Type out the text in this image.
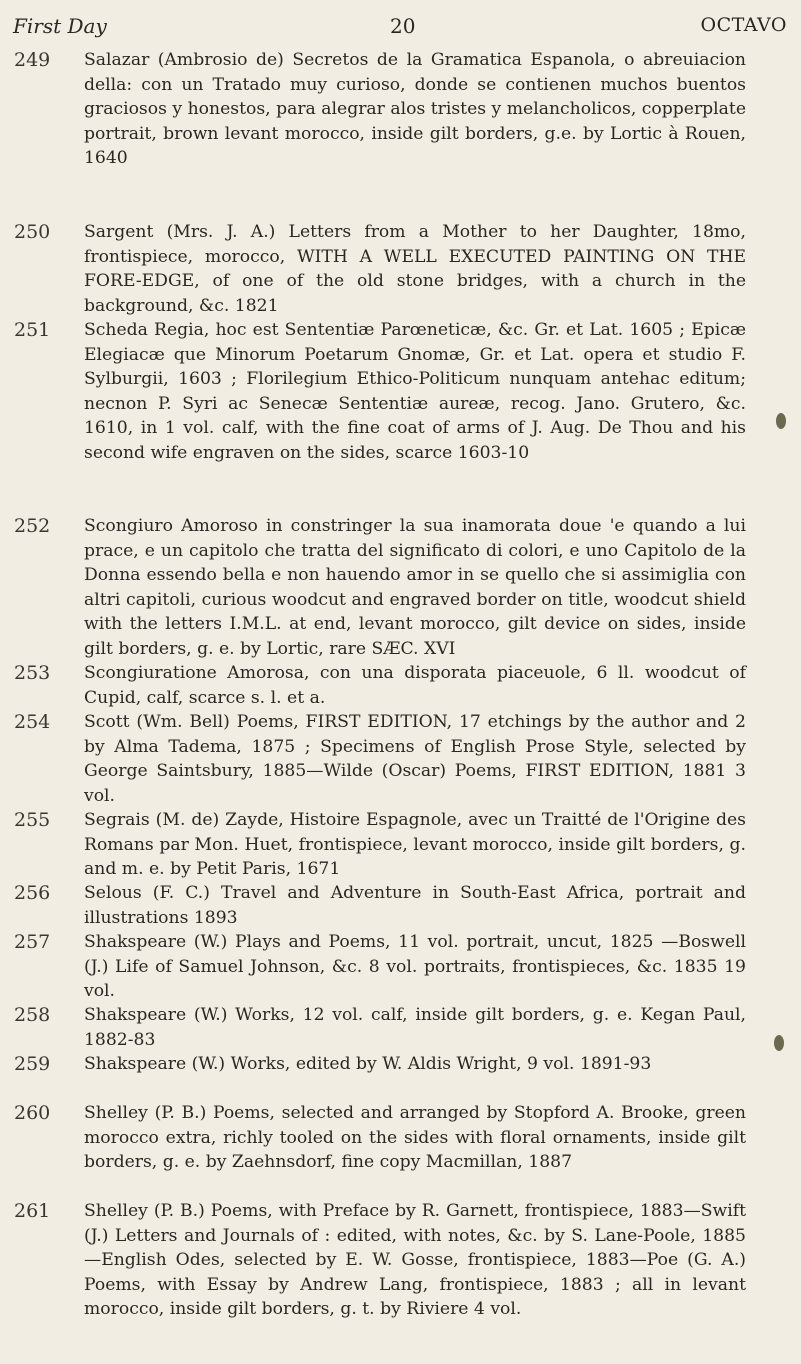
First Day	20	OCTAVO
249 Salazar (Ambrosio de) Secretos de la Gramatica Espanola, o abreuiacion della: con un Tratado muy curioso, donde se contienen muchos buentos graciosos y honestos, para alegrar alos tristes y melancholicos, copperplate portrait, brown levant morocco, inside gilt borders, g.e. by Lortic à Rouen, 1640
250 Sargent (Mrs. J. A.) Letters from a Mother to her Daughter, 18mo, frontispiece, morocco, WITH A WELL EXECUTED PAINTING ON THE FORE-EDGE, of one of the old stone bridges, with a church in the background, &c. 1821
251 Scheda Regia, hoc est Sententiæ Parœneticæ, &c. Gr. et Lat. 1605 ; Epicæ Elegiacæ que Minorum Poetarum Gnomæ, Gr. et Lat. opera et studio F. Sylburgii, 1603 ; Florilegium Ethico-Politicum nunquam antehac editum; necnon P. Syri ac Senecæ Sententiæ aureæ, recog. Jano. Grutero, &c. 1610, in 1 vol. calf, with the fine coat of arms of J. Aug. De Thou and his second wife engraven on the sides, scarce 1603-10
252 Scongiuro Amoroso in constringer la sua inamorata doue 'e quando a lui prace, e un capitolo che tratta del significato di colori, e uno Capitolo de la Donna essendo bella e non hauendo amor in se quello che si assimiglia con altri capitoli, curious woodcut and engraved border on title, woodcut shield with the letters I.M.L. at end, levant morocco, gilt device on sides, inside gilt borders, g. e. by Lortic, rare SÆC. XVI
253 Scongiuratione Amorosa, con una disporata piaceuole, 6 ll. woodcut of Cupid, calf, scarce s. l. et a.
254 Scott (Wm. Bell) Poems, FIRST EDITION, 17 etchings by the author and 2 by Alma Tadema, 1875 ; Specimens of English Prose Style, selected by George Saintsbury, 1885—Wilde (Oscar) Poems, FIRST EDITION, 1881 3 vol.
255 Segrais (M. de) Zayde, Histoire Espagnole, avec un Traitté de l'Origine des Romans par Mon. Huet, frontispiece, levant morocco, inside gilt borders, g. and m. e. by Petit Paris, 1671
256 Selous (F. C.) Travel and Adventure in South-East Africa, portrait and illustrations 1893
257 Shakspeare (W.) Plays and Poems, 11 vol. portrait, uncut, 1825 —Boswell (J.) Life of Samuel Johnson, &c. 8 vol. portraits, frontispieces, &c. 1835 19 vol.
258 Shakspeare (W.) Works, 12 vol. calf, inside gilt borders, g. e. Kegan Paul, 1882-83
259 Shakspeare (W.) Works, edited by W. Aldis Wright, 9 vol. 1891-93
260 Shelley (P. B.) Poems, selected and arranged by Stopford A. Brooke, green morocco extra, richly tooled on the sides with floral ornaments, inside gilt borders, g. e. by Zaehnsdorf, fine copy Macmillan, 1887
261 Shelley (P. B.) Poems, with Preface by R. Garnett, frontispiece, 1883—Swift (J.) Letters and Journals of : edited, with notes, &c. by S. Lane-Poole, 1885—English Odes, selected by E. W. Gosse, frontispiece, 1883—Poe (G. A.) Poems, with Essay by Andrew Lang, frontispiece, 1883 ; all in levant morocco, inside gilt borders, g. t. by Riviere 4 vol.
